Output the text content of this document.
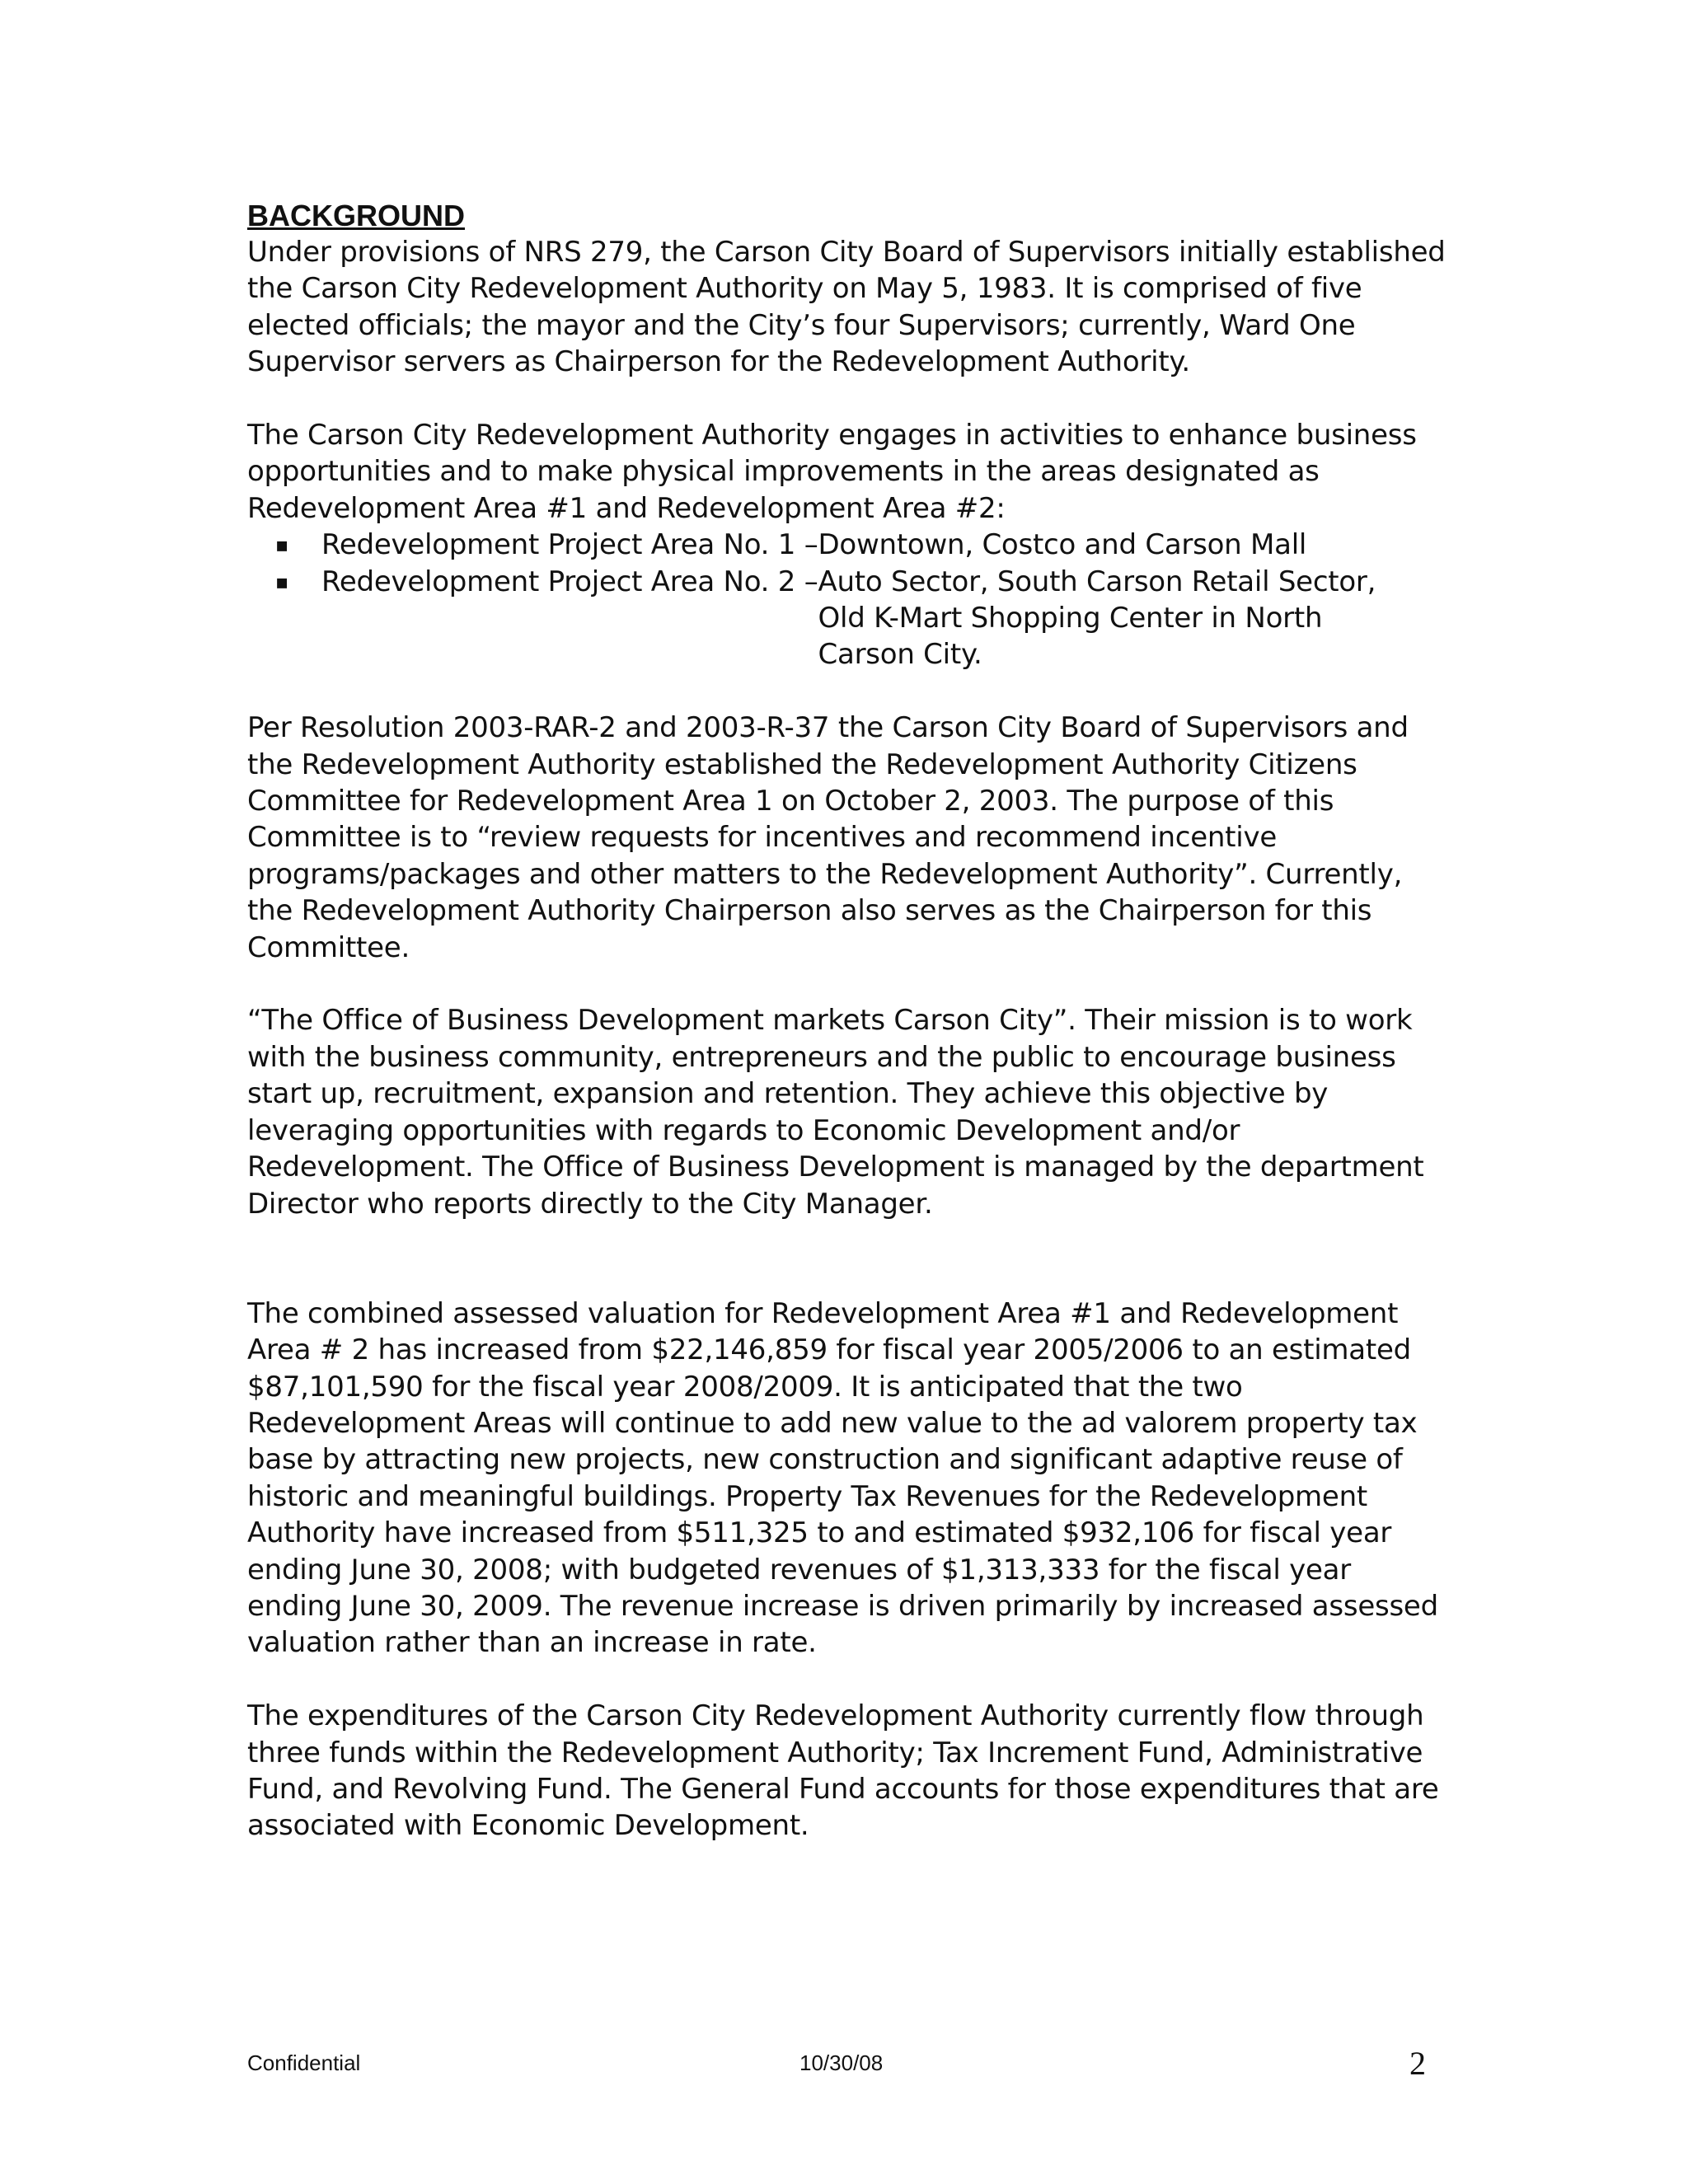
BACKGROUND

Under provisions of NRS 279, the Carson City Board of Supervisors initially established the Carson City Redevelopment Authority on May 5, 1983. It is comprised of five elected officials; the mayor and the City’s four Supervisors; currently, Ward One Supervisor servers as Chairperson for the Redevelopment Authority.

The Carson City Redevelopment Authority engages in activities to enhance business opportunities and to make physical improvements in the areas designated as Redevelopment Area #1 and Redevelopment Area #2:

▪ Redevelopment Project Area No. 1 – Downtown, Costco and Carson Mall
▪ Redevelopment Project Area No. 2 – Auto Sector, South Carson Retail Sector, Old K-Mart Shopping Center in North Carson City.

Per Resolution 2003-RAR-2 and 2003-R-37 the Carson City Board of Supervisors and the Redevelopment Authority established the Redevelopment Authority Citizens Committee for Redevelopment Area 1 on October 2, 2003. The purpose of this Committee is to “review requests for incentives and recommend incentive programs/packages and other matters to the Redevelopment Authority”. Currently, the Redevelopment Authority Chairperson also serves as the Chairperson for this Committee.

“The Office of Business Development markets Carson City”. Their mission is to work with the business community, entrepreneurs and the public to encourage business start up, recruitment, expansion and retention. They achieve this objective by leveraging opportunities with regards to Economic Development and/or Redevelopment. The Office of Business Development is managed by the department Director who reports directly to the City Manager.

The combined assessed valuation for Redevelopment Area #1 and Redevelopment Area # 2 has increased from $22,146,859 for fiscal year 2005/2006 to an estimated $87,101,590 for the fiscal year 2008/2009. It is anticipated that the two Redevelopment Areas will continue to add new value to the ad valorem property tax base by attracting new projects, new construction and significant adaptive reuse of historic and meaningful buildings. Property Tax Revenues for the Redevelopment Authority have increased from $511,325 to and estimated $932,106 for fiscal year ending June 30, 2008; with budgeted revenues of $1,313,333 for the fiscal year ending June 30, 2009. The revenue increase is driven primarily by increased assessed valuation rather than an increase in rate.

The expenditures of the Carson City Redevelopment Authority currently flow through three funds within the Redevelopment Authority; Tax Increment Fund, Administrative Fund, and Revolving Fund. The General Fund accounts for those expenditures that are associated with Economic Development.

Confidential	10/30/08	2
